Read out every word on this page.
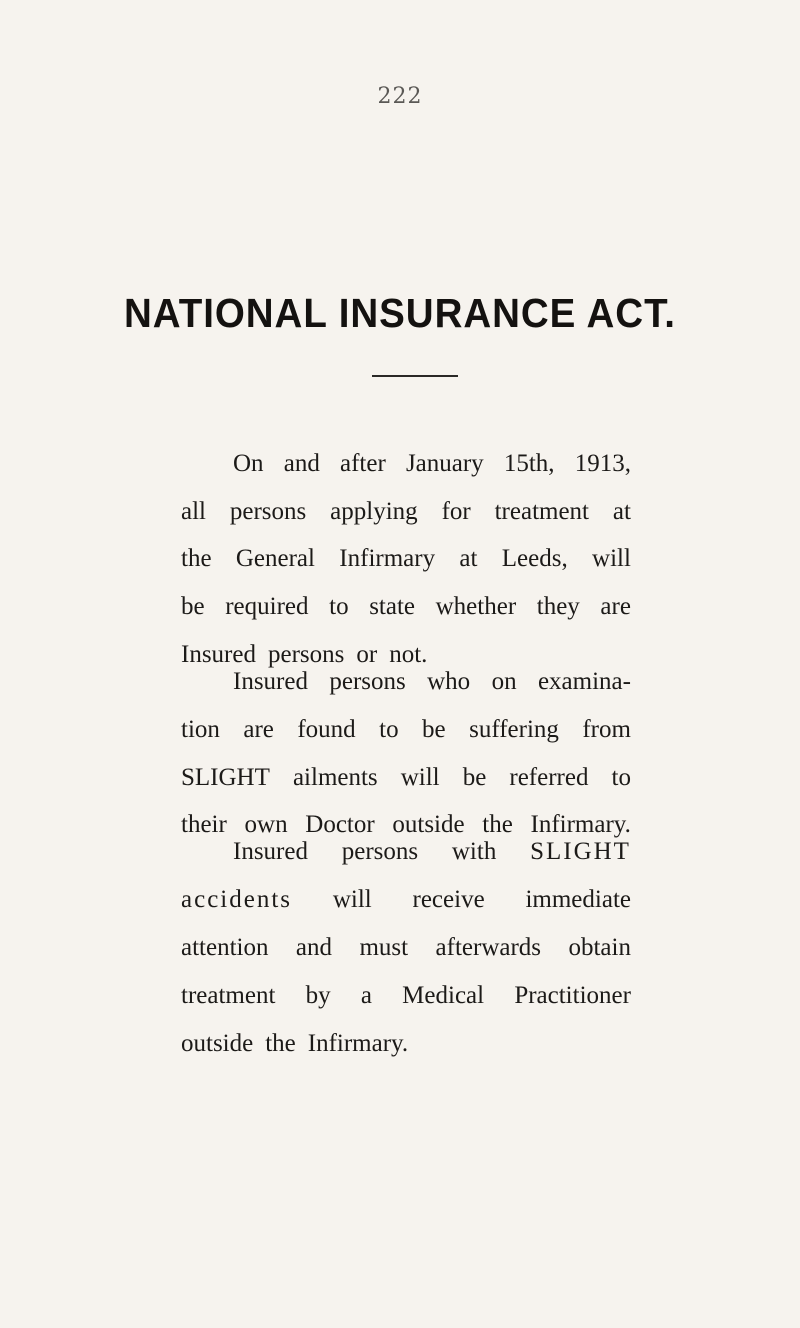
222
NATIONAL INSURANCE ACT.
On and after January 15th, 1913,
all persons applying for treatment at
the General Infirmary at Leeds, will
be required to state whether they are
Insured persons or not.
Insured persons who on examina-
tion are found to be suffering from
SLIGHT ailments will be referred to
their own Doctor outside the Infirmary.
Insured persons with SLIGHT
accidents will receive immediate
attention and must afterwards obtain
treatment by a Medical Practitioner
outside the Infirmary.
